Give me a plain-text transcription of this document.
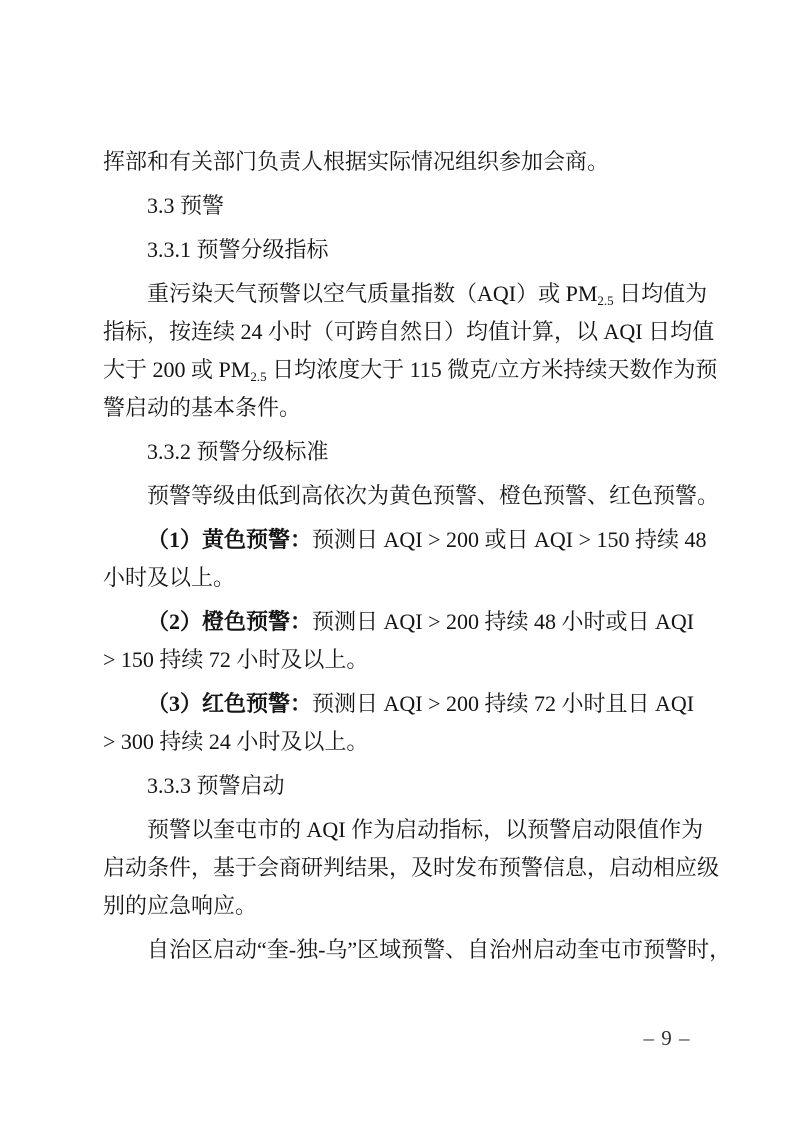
挥部和有关部门负责人根据实际情况组织参加会商。
3.3 预警
3.3.1 预警分级指标
重污染天气预警以空气质量指数（AQI）或 $PM_{2.5}$ 日均值为
指标，按连续 24 小时（可跨自然日）均值计算，以 AQI 日均值
大于 200 或 $PM_{2.5}$ 日均浓度大于 115 微克/立方米持续天数作为预
警启动的基本条件。
3.3.2 预警分级标准
预警等级由低到高依次为黄色预警、橙色预警、红色预警。
（1）黄色预警：预测日 AQI > 200 或日 AQI > 150 持续 48
小时及以上。
（2）橙色预警：预测日 AQI > 200 持续 48 小时或日 AQI
> 150 持续 72 小时及以上。
（3）红色预警：预测日 AQI > 200 持续 72 小时且日 AQI
> 300 持续 24 小时及以上。
3.3.3 预警启动
预警以奎屯市的 AQI 作为启动指标，以预警启动限值作为
启动条件，基于会商研判结果，及时发布预警信息，启动相应级
别的应急响应。
自治区启动“奎-独-乌”区域预警、自治州启动奎屯市预警时，
– 9 –
